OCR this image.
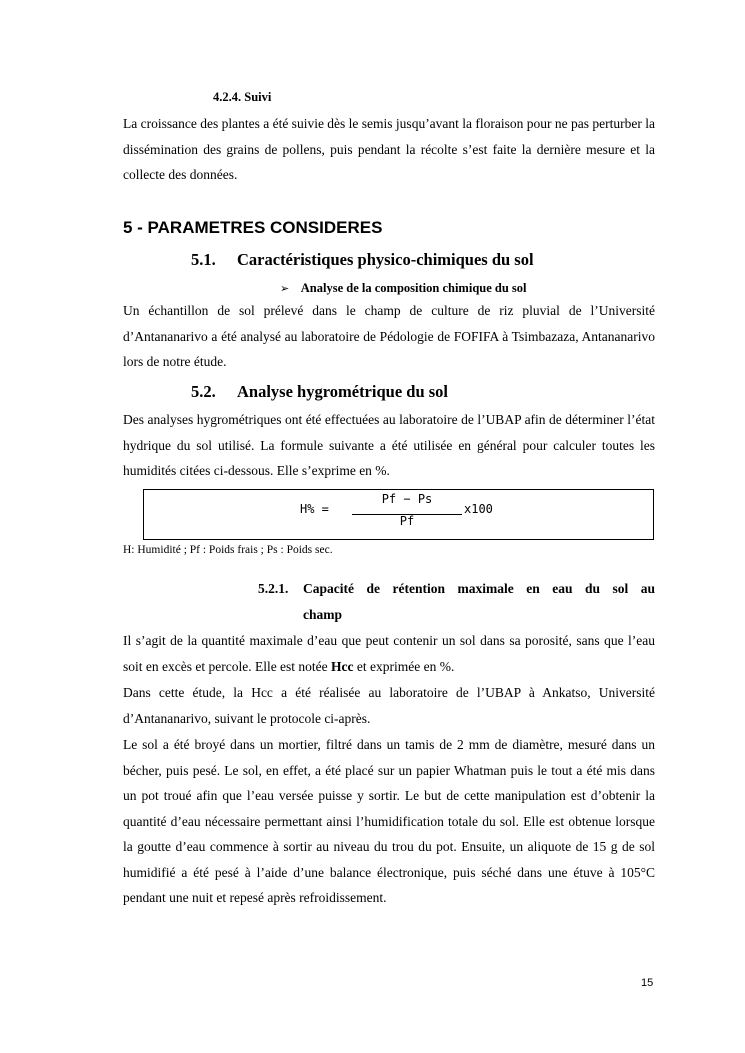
4.2.4. Suivi
La croissance des plantes a été suivie dès le semis jusqu’avant la floraison pour ne pas perturber la dissémination des grains de pollens, puis pendant la récolte s’est faite la dernière mesure et la collecte des données.
5 - PARAMETRES CONSIDERES
5.1. Caractéristiques physico-chimiques du sol
➢ Analyse de la composition chimique du sol
Un échantillon de sol prélevé dans le champ de culture de riz pluvial de l’Université d’Antananarivo a été analysé au laboratoire de Pédologie de FOFIFA à Tsimbazaza, Antananarivo lors de notre étude.
5.2. Analyse hygrométrique du sol
Des analyses hygrométriques ont été effectuées au laboratoire de l’UBAP afin de déterminer l’état hydrique du sol utilisé. La formule suivante a été utilisée en général pour calculer toutes les humidités citées ci-dessous. Elle s’exprime en %.
H% =
Pf − Ps
Pf
x100
H: Humidité ; Pf : Poids frais ; Ps : Poids sec.
5.2.1. Capacité de rétention maximale en eau du sol au
champ
Il s’agit de la quantité maximale d’eau que peut contenir un sol dans sa porosité, sans que l’eau soit en excès et percole. Elle est notée Hcc et exprimée en %.
Dans cette étude, la Hcc a été réalisée au laboratoire de l’UBAP à Ankatso, Université d’Antananarivo, suivant le protocole ci-après.
Le sol a été broyé dans un mortier, filtré dans un tamis de 2 mm de diamètre, mesuré dans un bécher, puis pesé. Le sol, en effet, a été placé sur un papier Whatman puis le tout a été mis dans un pot troué afin que l’eau versée puisse y sortir. Le but de cette manipulation est d’obtenir la quantité d’eau nécessaire permettant ainsi l’humidification totale du sol. Elle est obtenue lorsque la goutte d’eau commence à sortir au niveau du trou du pot. Ensuite, un aliquote de 15 g de sol humidifié a été pesé à l’aide d’une balance électronique, puis séché dans une étuve à 105°C pendant une nuit et repesé après refroidissement.
15
